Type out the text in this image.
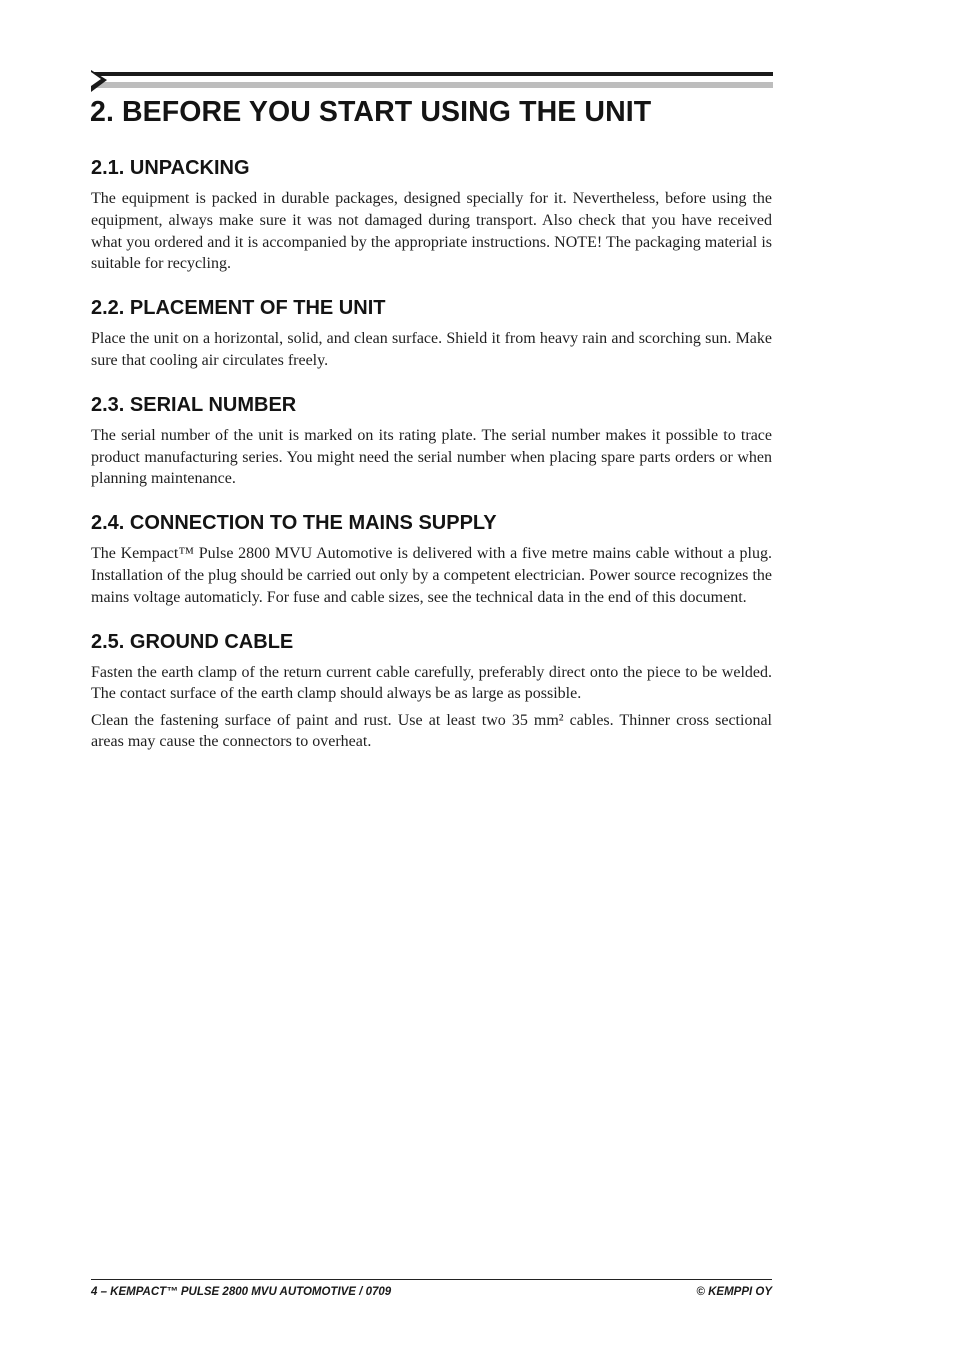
2. BEFORE YOU START USING THE UNIT
2.1. UNPACKING

The equipment is packed in durable packages, designed specially for it. Nevertheless, before using the equipment, always make sure it was not damaged during transport. Also check that you have received what you ordered and it is accompanied by the appropriate instructions. NOTE! The packaging material is suitable for recycling.

2.2. PLACEMENT OF THE UNIT

Place the unit on a horizontal, solid, and clean surface. Shield it from heavy rain and scorching sun. Make sure that cooling air circulates freely.

2.3. SERIAL NUMBER

The serial number of the unit is marked on its rating plate. The serial number makes it possible to trace product manufacturing series. You might need the serial number when placing spare parts orders or when planning maintenance.

2.4. CONNECTION TO THE MAINS SUPPLY

The Kempact™ Pulse 2800 MVU Automotive is delivered with a five metre mains cable without a plug. Installation of the plug should be carried out only by a competent electrician. Power source recognizes the mains voltage automaticly. For fuse and cable sizes, see the technical data in the end of this document.

2.5. GROUND CABLE

Fasten the earth clamp of the return current cable carefully, preferably direct onto the piece to be welded. The contact surface of the earth clamp should always be as large as possible.

Clean the fastening surface of paint and rust. Use at least two 35 mm² cables. Thinner cross sectional areas may cause the connectors to overheat.

4 – KEMPACT™ PULSE 2800 MVU AUTOMOTIVE / 0709	© KEMPPI OY
